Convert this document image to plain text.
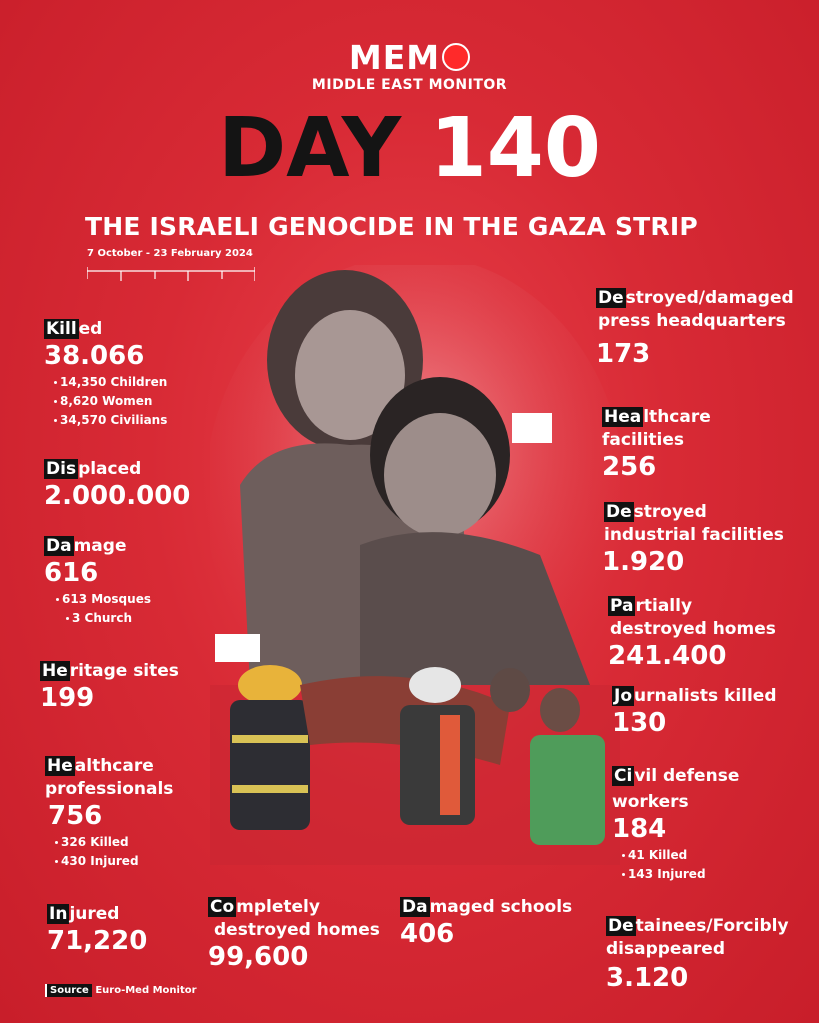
MEM
MIDDLE EAST MONITOR
DAY 140
THE ISRAELI GENOCIDE IN THE GAZA STRIP
7 October - 23 February 2024
Kill ed
38.066
14,350 Children
8,620 Women
34,570 Civilians
Dis placed
2.000.000
Da mage
616
613 Mosques
3 Church
He ritage sites
199
He althcare
professionals
756
326 Killed
430 Injured
In jured
71,220
Co mpletely
destroyed homes
99,600
Da maged schools
406
De stroyed/damaged
press headquarters
173
Hea lthcare
facilities
256
De stroyed
industrial facilities
1.920
Pa rtially
destroyed homes
241.400
Jo urnalists killed
130
Ci vil defense
workers
184
41 Killed
143 Injured
De tainees/Forcibly
disappeared
3.120
Source Euro-Med Monitor
